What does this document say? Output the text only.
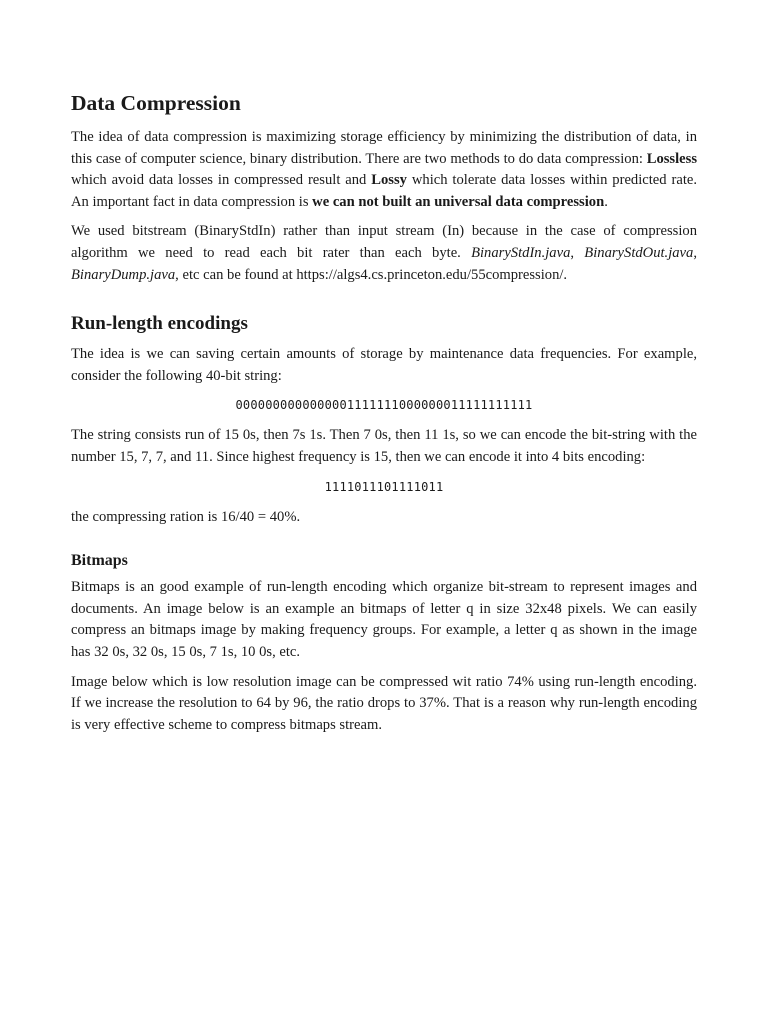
Data Compression

The idea of data compression is maximizing storage efficiency by minimizing the distribution of data, in this case of computer science, binary distribution. There are two methods to do data compression: Lossless which avoid data losses in compressed result and Lossy which tolerate data losses within predicted rate. An important fact in data compression is we can not built an universal data compression.

We used bitstream (BinaryStdIn) rather than input stream (In) because in the case of compression algorithm we need to read each bit rater than each byte. BinaryStdIn.java, BinaryStdOut.java, BinaryDump.java, etc can be found at https://algs4.cs.princeton.edu/55compression/.

Run-length encodings

The idea is we can saving certain amounts of storage by maintenance data frequencies. For example, consider the following 40-bit string:

0000000000000001111111000000011111111111

The string consists run of 15 0s, then 7s 1s. Then 7 0s, then 11 1s, so we can encode the bit-string with the number 15, 7, 7, and 11. Since highest frequency is 15, then we can encode it into 4 bits encoding:

1111011101111011

the compressing ration is 16/40 = 40%.

Bitmaps

Bitmaps is an good example of run-length encoding which organize bit-stream to represent images and documents. An image below is an example an bitmaps of letter q in size 32x48 pixels. We can easily compress an bitmaps image by making frequency groups. For example, a letter q as shown in the image has 32 0s, 32 0s, 15 0s, 7 1s, 10 0s, etc.

Image below which is low resolution image can be compressed wit ratio 74% using run-length encoding. If we increase the resolution to 64 by 96, the ratio drops to 37%. That is a reason why run-length encoding is very effective scheme to compress bitmaps stream.
